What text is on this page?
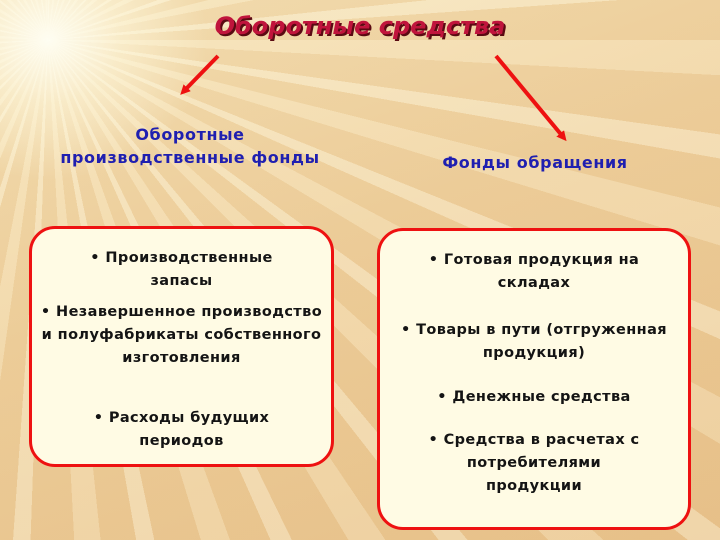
Оборотные средства
Оборотные производственные фонды	Фонды обращения
• Производственные запасы
• Незавершенное производство и полуфабрикаты собственного изготовления
• Расходы будущих периодов
• Готовая продукция на складах
• Товары в пути (отгруженная продукция)
• Денежные средства
• Средства в расчетах с потребителями продукции
